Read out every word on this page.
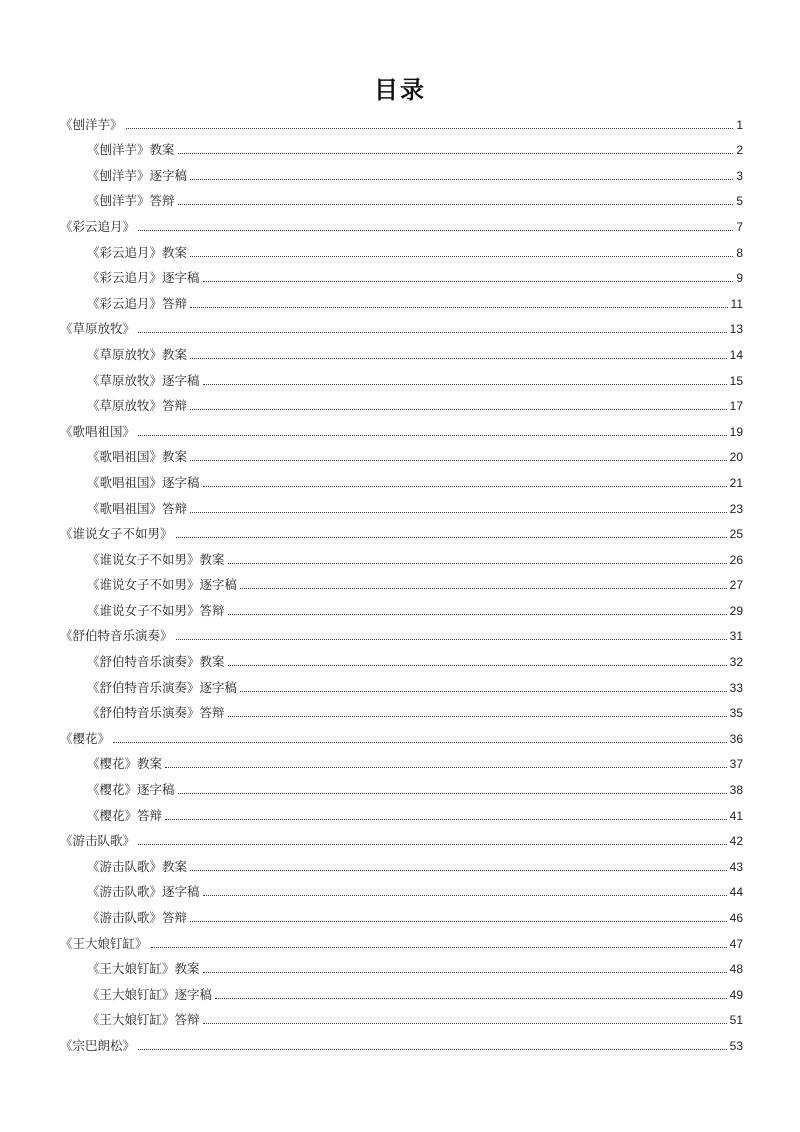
目录
《刨洋芋》	1
《刨洋芋》教案	2
《刨洋芋》逐字稿	3
《刨洋芋》答辩	5
《彩云追月》	7
《彩云追月》教案	8
《彩云追月》逐字稿	9
《彩云追月》答辩	11
《草原放牧》	13
《草原放牧》教案	14
《草原放牧》逐字稿	15
《草原放牧》答辩	17
《歌唱祖国》	19
《歌唱祖国》教案	20
《歌唱祖国》逐字稿	21
《歌唱祖国》答辩	23
《谁说女子不如男》	25
《谁说女子不如男》教案	26
《谁说女子不如男》逐字稿	27
《谁说女子不如男》答辩	29
《舒伯特音乐演奏》	31
《舒伯特音乐演奏》教案	32
《舒伯特音乐演奏》逐字稿	33
《舒伯特音乐演奏》答辩	35
《樱花》	36
《樱花》教案	37
《樱花》逐字稿	38
《樱花》答辩	41
《游击队歌》	42
《游击队歌》教案	43
《游击队歌》逐字稿	44
《游击队歌》答辩	46
《王大娘钉缸》	47
《王大娘钉缸》教案	48
《王大娘钉缸》逐字稿	49
《王大娘钉缸》答辩	51
《宗巴朗松》	53
